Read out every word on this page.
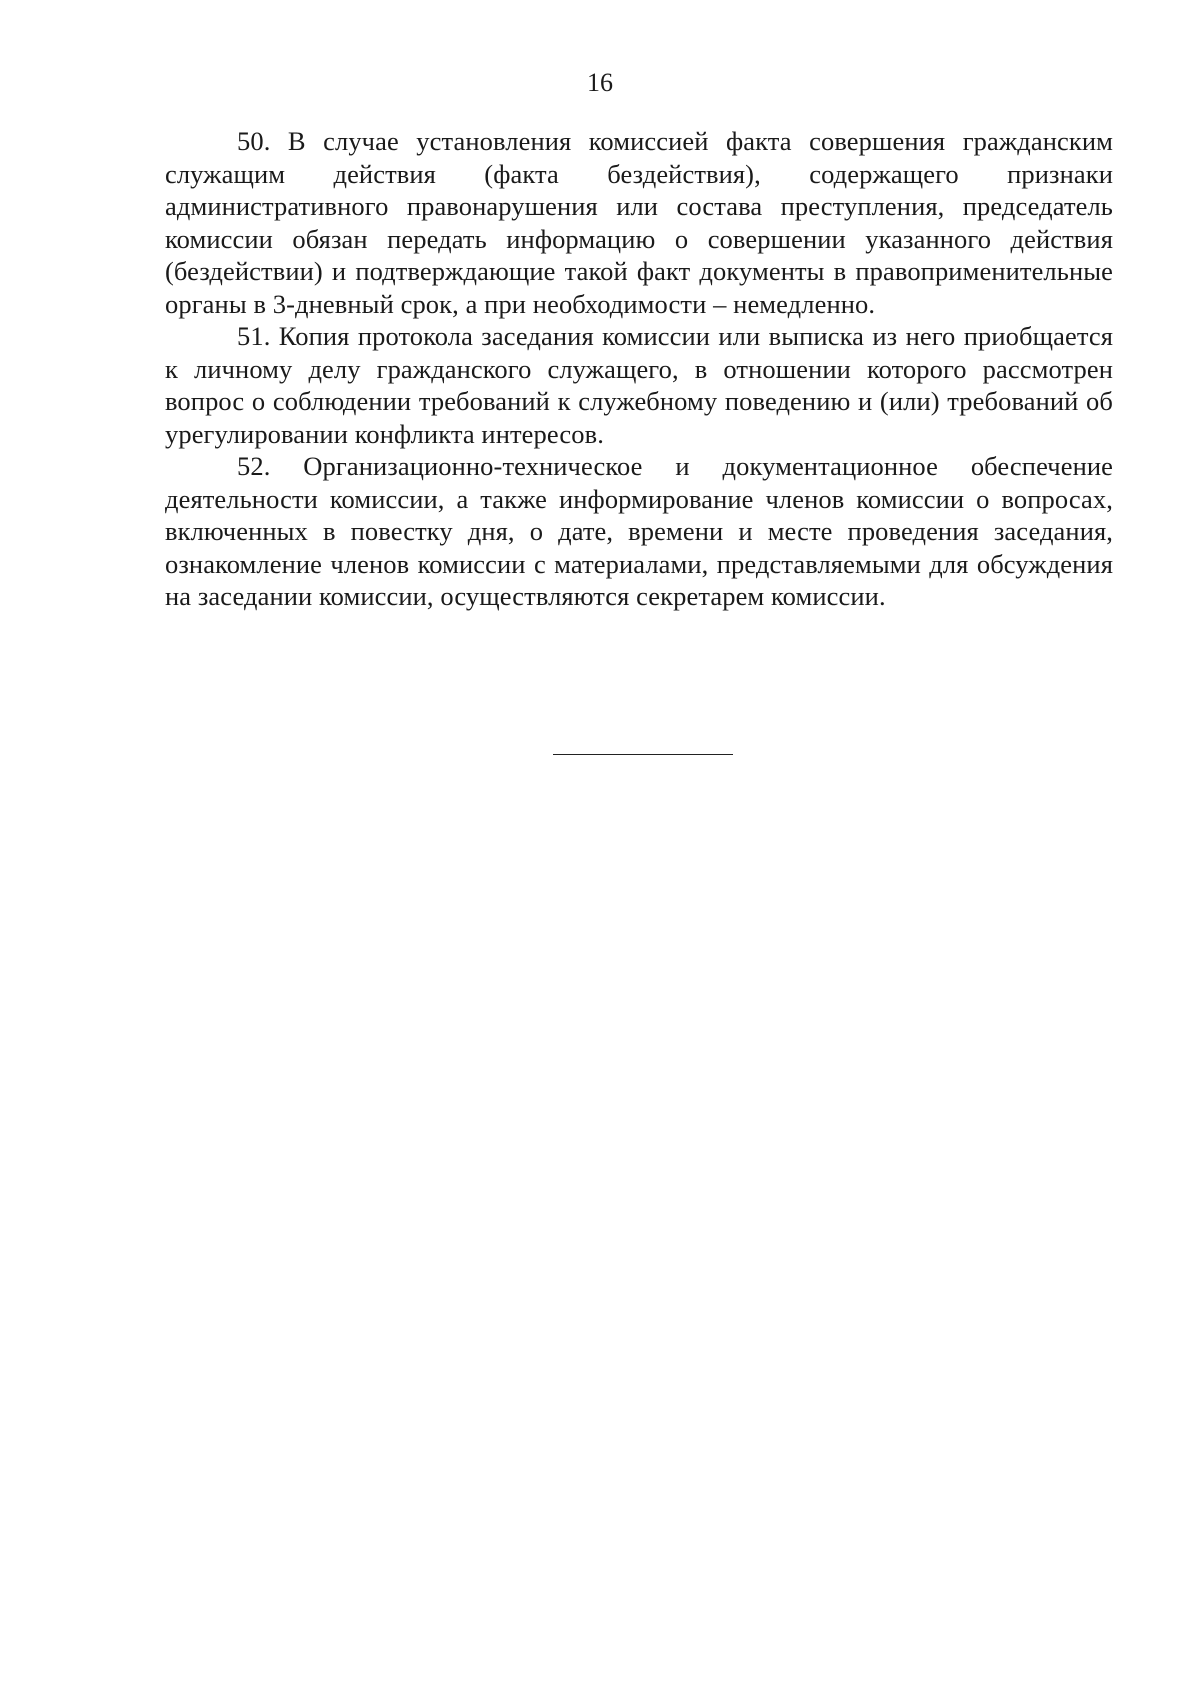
16

50. В случае установления комиссией факта совершения гражданским служащим действия (факта бездействия), содержащего признаки административного правонарушения или состава преступления, председатель комиссии обязан передать информацию о совершении указанного действия (бездействии) и подтверждающие такой факт документы в правоприменительные органы в 3-дневный срок, а при необходимости – немедленно.

51. Копия протокола заседания комиссии или выписка из него приобщается к личному делу гражданского служащего, в отношении которого рассмотрен вопрос о соблюдении требований к служебному поведению и (или) требований об урегулировании конфликта интересов.

52. Организационно-техническое и документационное обеспечение деятельности комиссии, а также информирование членов комиссии о вопросах, включенных в повестку дня, о дате, времени и месте проведения заседания, ознакомление членов комиссии с материалами, представляемыми для обсуждения на заседании комиссии, осуществляются секретарем комиссии.
